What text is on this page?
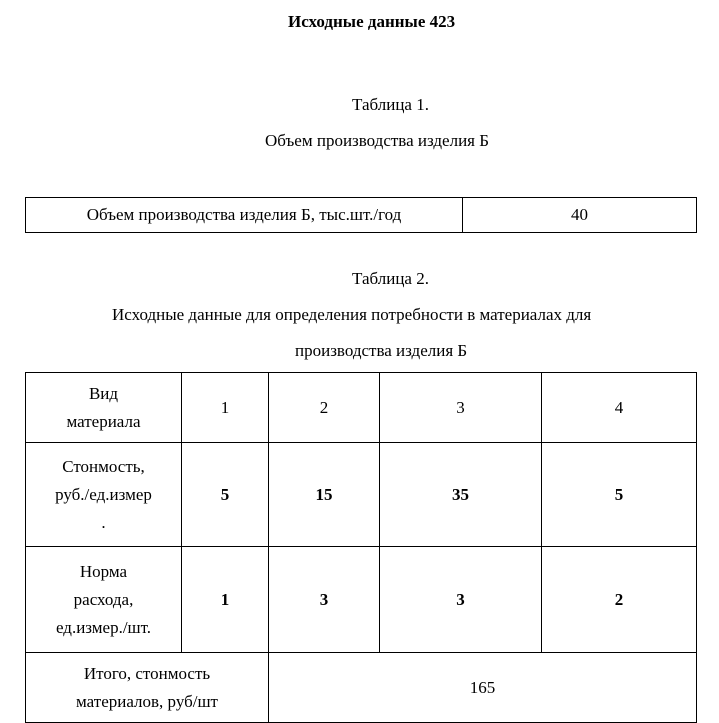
Исходные данные 423
Таблица 1.
Объем производства изделия Б
Объем производства изделия Б, тыс.шт./год	40
Таблица 2.
Исходные данные для определения потребности в материалах для
производства изделия Б
Вид
материала	1	2	3	4

Стонмость,
руб./ед.измер
.	5	15	35	5

Норма
расхода,
ед.измер./шт.	1	3	3	2

Итого, стонмость
материалов, руб/шт		165		
